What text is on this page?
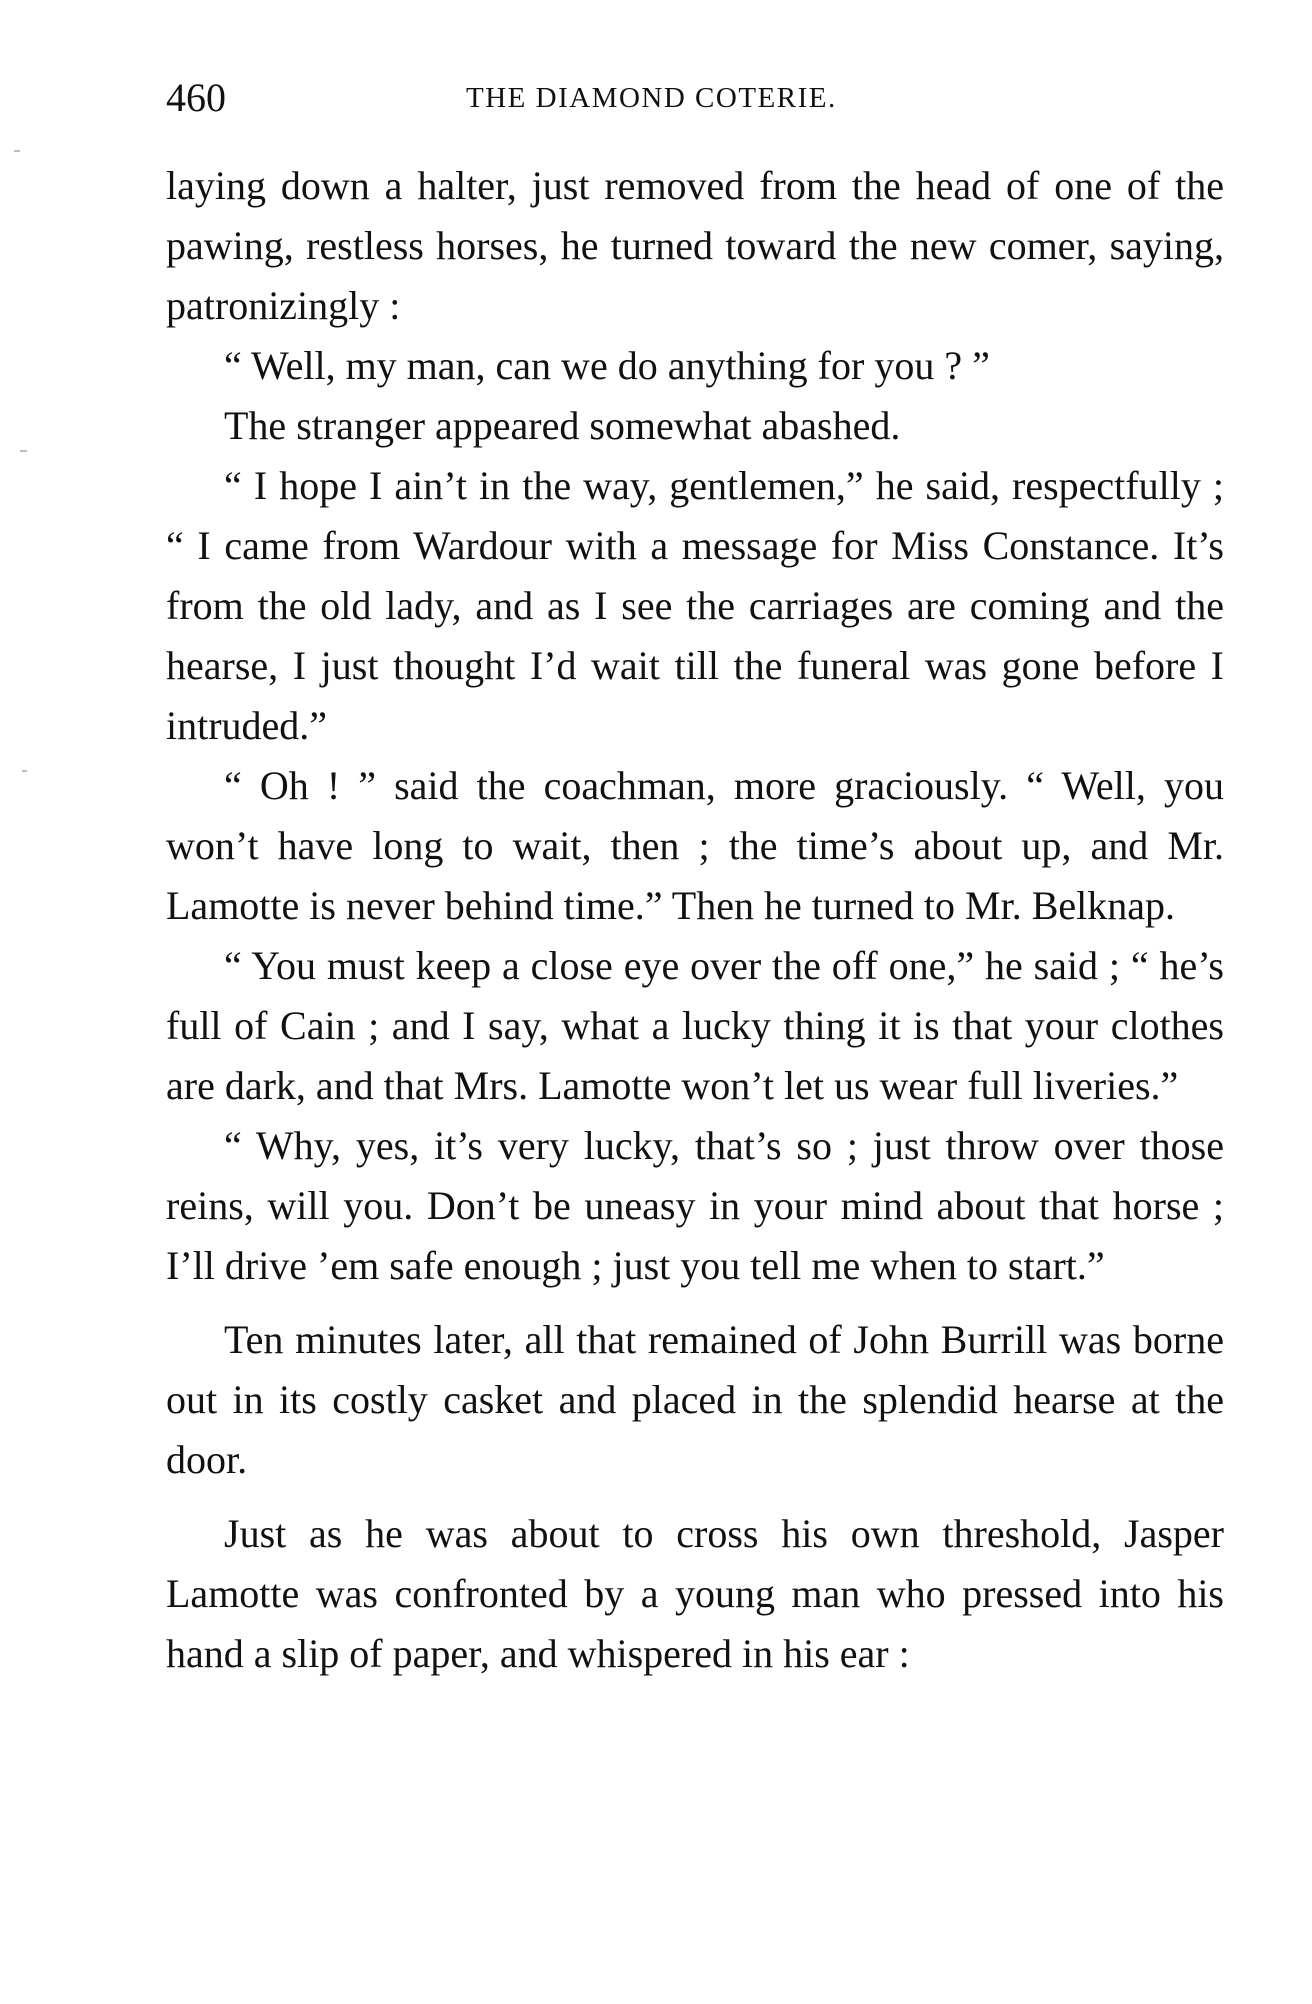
460	THE DIAMOND COTERIE.

laying down a halter, just removed from the head of one of the pawing, restless horses, he turned toward the new comer, saying, patronizingly :

“ Well, my man, can we do anything for you ? ”

The stranger appeared somewhat abashed.

“ I hope I ain’t in the way, gentlemen,” he said, respectfully ; “ I came from Wardour with a message for Miss Constance. It’s from the old lady, and as I see the carriages are coming and the hearse, I just thought I’d wait till the funeral was gone before I intruded.”

“ Oh ! ” said the coachman, more graciously. “ Well, you won’t have long to wait, then ; the time’s about up, and Mr. Lamotte is never behind time.” Then he turned to Mr. Belknap.

“ You must keep a close eye over the off one,” he said ; “ he’s full of Cain ; and I say, what a lucky thing it is that your clothes are dark, and that Mrs. Lamotte won’t let us wear full liveries.”

“ Why, yes, it’s very lucky, that’s so ; just throw over those reins, will you. Don’t be uneasy in your mind about that horse ; I’ll drive ’em safe enough ; just you tell me when to start.”

Ten minutes later, all that remained of John Burrill was borne out in its costly casket and placed in the splendid hearse at the door.

Just as he was about to cross his own threshold, Jasper Lamotte was confronted by a young man who pressed into his hand a slip of paper, and whispered in his ear :
